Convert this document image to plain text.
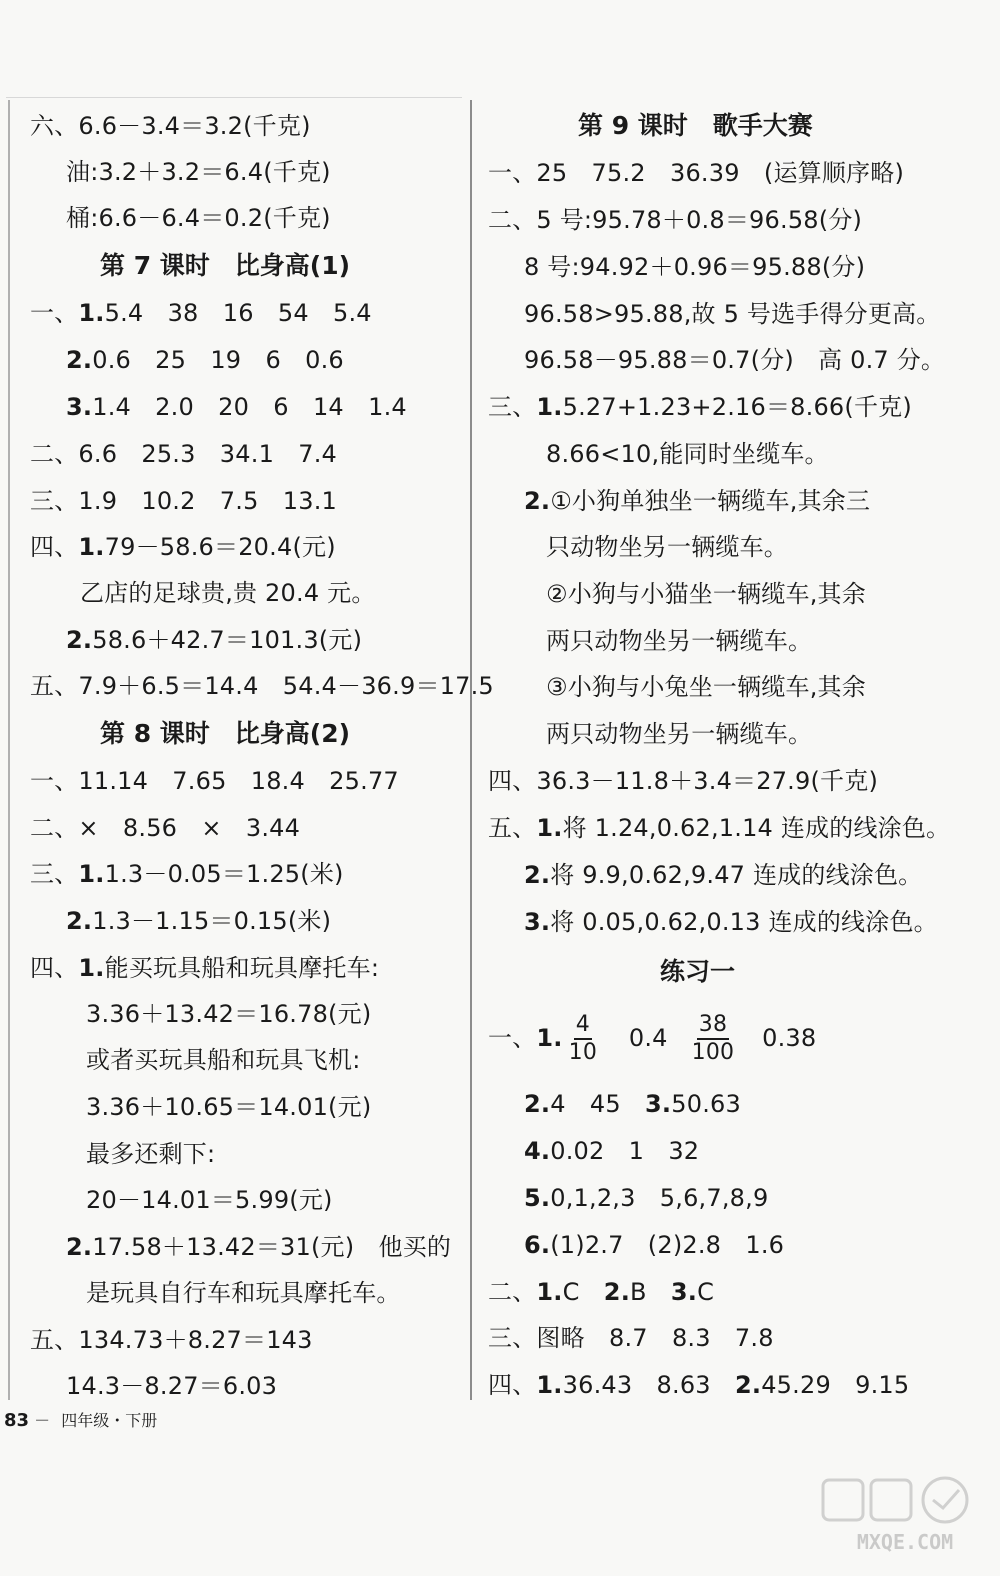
六、6.6－3.4＝3.2(千克)
油:3.2＋3.2＝6.4(千克)
桶:6.6－6.4＝0.2(千克)
第 7 课时　比身高(1)
一、1.5.4　38　16　54　5.4
2.0.6　25　19　6　0.6
3.1.4　2.0　20　6　14　1.4
二、6.6　25.3　34.1　7.4
三、1.9　10.2　7.5　13.1
四、1.79－58.6＝20.4(元)
乙店的足球贵,贵 20.4 元。
2.58.6＋42.7＝101.3(元)
五、7.9＋6.5＝14.4　54.4－36.9＝17.5
第 8 课时　比身高(2)
一、11.14　7.65　18.4　25.77
二、×　8.56　×　3.44
三、1.1.3－0.05＝1.25(米)
2.1.3－1.15＝0.15(米)
四、1.能买玩具船和玩具摩托车:
3.36＋13.42＝16.78(元)
或者买玩具船和玩具飞机:
3.36＋10.65＝14.01(元)
最多还剩下:
20－14.01＝5.99(元)
2.17.58＋13.42＝31(元)　他买的
是玩具自行车和玩具摩托车。
五、134.73＋8.27＝143
14.3－8.27＝6.03
第 9 课时　歌手大赛
一、25　75.2　36.39　(运算顺序略)
二、5 号:95.78＋0.8＝96.58(分)
8 号:94.92＋0.96＝95.88(分)
96.58>95.88,故 5 号选手得分更高。
96.58－95.88＝0.7(分)　高 0.7 分。
三、1.5.27+1.23+2.16＝8.66(千克)
8.66<10,能同时坐缆车。
2.①小狗单独坐一辆缆车,其余三
只动物坐另一辆缆车。
②小狗与小猫坐一辆缆车,其余
两只动物坐另一辆缆车。
③小狗与小兔坐一辆缆车,其余
两只动物坐另一辆缆车。
四、36.3－11.8＋3.4＝27.9(千克)
五、1.将 1.24,0.62,1.14 连成的线涂色。
2.将 9.9,0.62,9.47 连成的线涂色。
3.将 0.05,0.62,0.13 连成的线涂色。
练习一
一、1. $\frac{4}{10} 0.4 \frac{38}{100} 0.38$
2.4　45　3.50.63
4.0.02　1　32
5.0,1,2,3　5,6,7,8,9
6.(1)2.7　(2)2.8　1.6
二、1.C　2.B　3.C
三、图略　8.7　8.3　7.8
四、1.36.43　8.63　2.45.29　9.15
83 － 四年级・下册
MXQE.COM
